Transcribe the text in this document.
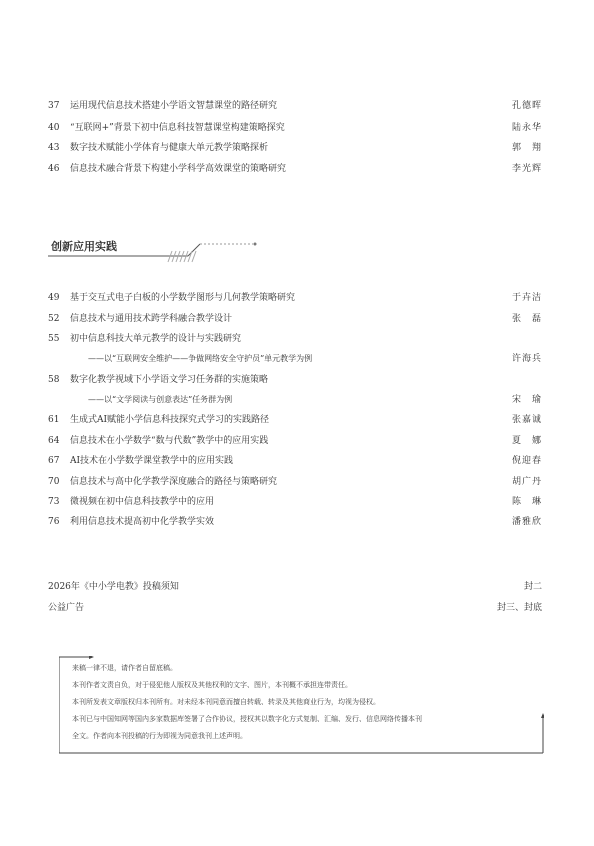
37	运用现代信息技术搭建小学语文智慧课堂的路径研究	孔德晖
40	“互联网+”背景下初中信息科技智慧课堂构建策略探究	陆永华
43	数字技术赋能小学体育与健康大单元教学策略探析	郭　翔
46	信息技术融合背景下构建小学科学高效课堂的策略研究	李光辉
创新应用实践
49	基于交互式电子白板的小学数学图形与几何教学策略研究	于卉洁
52	信息技术与通用技术跨学科融合教学设计	张　磊
55	初中信息科技大单元教学的设计与实践研究
——以“互联网安全维护——争做网络安全守护员”单元教学为例	许海兵
58	数字化教学视域下小学语文学习任务群的实施策略
——以“文学阅读与创意表达”任务群为例	宋　瑜
61	生成式AI赋能小学信息科技探究式学习的实践路径	张嘉诚
64	信息技术在小学数学“数与代数”教学中的应用实践	夏　娜
67	AI技术在小学数学课堂教学中的应用实践	倪迎春
70	信息技术与高中化学教学深度融合的路径与策略研究	胡广丹
73	微视频在初中信息科技教学中的应用	陈　琳
76	利用信息技术提高初中化学教学实效	潘雅欣
2026年《中小学电教》投稿须知	封二
公益广告	封三、封底
来稿一律不退，请作者自留底稿。
本刊作者文责自负，对于侵犯他人版权及其他权利的文字、图片，本刊概不承担连带责任。
本刊所发表文章版权归本刊所有。对未经本刊同意而擅自转载、转录及其他商业行为，均视为侵权。
本刊已与中国知网等国内多家数据库签署了合作协议，授权其以数字化方式复制、汇编、发行、信息网络传播本刊
全文。作者向本刊投稿的行为即视为同意我刊上述声明。
